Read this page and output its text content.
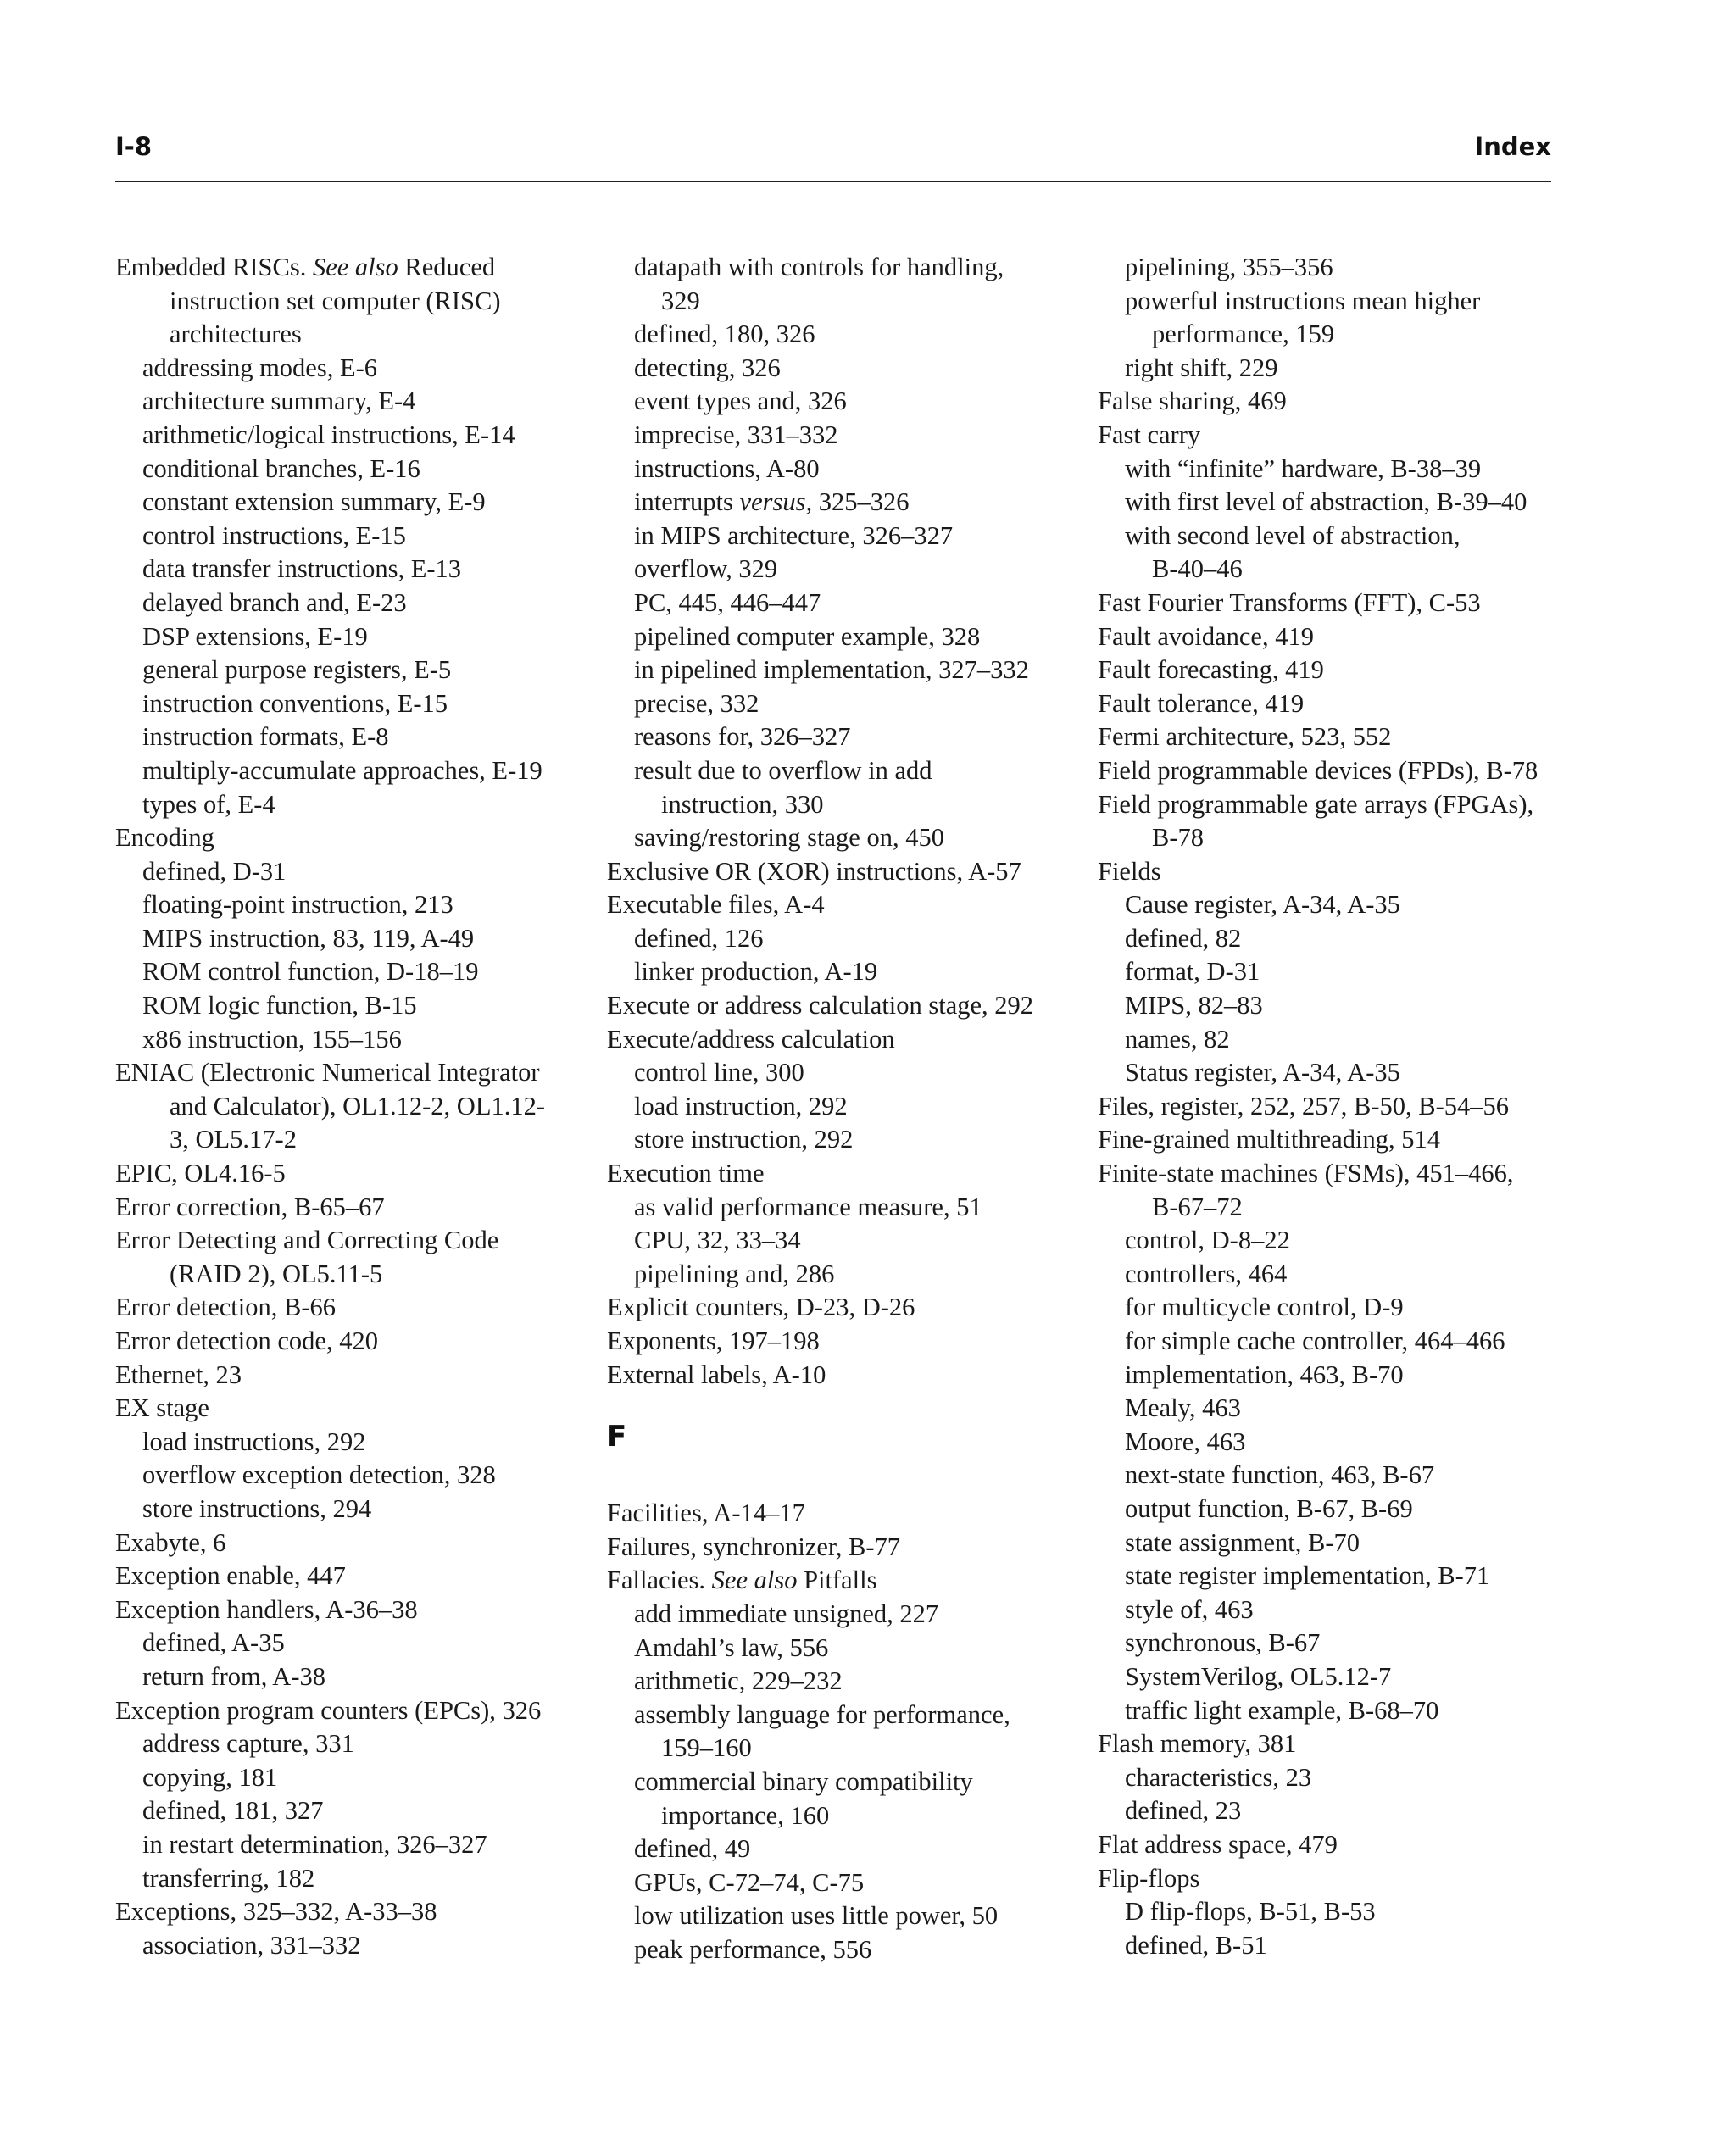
I-8	Index
Embedded RISCs. See also Reduced
instruction set computer (RISC)
architectures
addressing modes, E-6
architecture summary, E-4
arithmetic/logical instructions, E-14
conditional branches, E-16
constant extension summary, E-9
control instructions, E-15
data transfer instructions, E-13
delayed branch and, E-23
DSP extensions, E-19
general purpose registers, E-5
instruction conventions, E-15
instruction formats, E-8
multiply-accumulate approaches, E-19
types of, E-4
Encoding
defined, D-31
floating-point instruction, 213
MIPS instruction, 83, 119, A-49
ROM control function, D-18–19
ROM logic function, B-15
x86 instruction, 155–156
ENIAC (Electronic Numerical Integrator
and Calculator), OL1.12-2, OL1.12-
3, OL5.17-2
EPIC, OL4.16-5
Error correction, B-65–67
Error Detecting and Correcting Code
(RAID 2), OL5.11-5
Error detection, B-66
Error detection code, 420
Ethernet, 23
EX stage
load instructions, 292
overflow exception detection, 328
store instructions, 294
Exabyte, 6
Exception enable, 447
Exception handlers, A-36–38
defined, A-35
return from, A-38
Exception program counters (EPCs), 326
address capture, 331
copying, 181
defined, 181, 327
in restart determination, 326–327
transferring, 182
Exceptions, 325–332, A-33–38
association, 331–332
datapath with controls for handling,
329
defined, 180, 326
detecting, 326
event types and, 326
imprecise, 331–332
instructions, A-80
interrupts versus, 325–326
in MIPS architecture, 326–327
overflow, 329
PC, 445, 446–447
pipelined computer example, 328
in pipelined implementation, 327–332
precise, 332
reasons for, 326–327
result due to overflow in add
instruction, 330
saving/restoring stage on, 450
Exclusive OR (XOR) instructions, A-57
Executable files, A-4
defined, 126
linker production, A-19
Execute or address calculation stage, 292
Execute/address calculation
control line, 300
load instruction, 292
store instruction, 292
Execution time
as valid performance measure, 51
CPU, 32, 33–34
pipelining and, 286
Explicit counters, D-23, D-26
Exponents, 197–198
External labels, A-10
F
Facilities, A-14–17
Failures, synchronizer, B-77
Fallacies. See also Pitfalls
add immediate unsigned, 227
Amdahl’s law, 556
arithmetic, 229–232
assembly language for performance,
159–160
commercial binary compatibility
importance, 160
defined, 49
GPUs, C-72–74, C-75
low utilization uses little power, 50
peak performance, 556
pipelining, 355–356
powerful instructions mean higher
performance, 159
right shift, 229
False sharing, 469
Fast carry
with “infinite” hardware, B-38–39
with first level of abstraction, B-39–40
with second level of abstraction,
B-40–46
Fast Fourier Transforms (FFT), C-53
Fault avoidance, 419
Fault forecasting, 419
Fault tolerance, 419
Fermi architecture, 523, 552
Field programmable devices (FPDs), B-78
Field programmable gate arrays (FPGAs),
B-78
Fields
Cause register, A-34, A-35
defined, 82
format, D-31
MIPS, 82–83
names, 82
Status register, A-34, A-35
Files, register, 252, 257, B-50, B-54–56
Fine-grained multithreading, 514
Finite-state machines (FSMs), 451–466,
B-67–72
control, D-8–22
controllers, 464
for multicycle control, D-9
for simple cache controller, 464–466
implementation, 463, B-70
Mealy, 463
Moore, 463
next-state function, 463, B-67
output function, B-67, B-69
state assignment, B-70
state register implementation, B-71
style of, 463
synchronous, B-67
SystemVerilog, OL5.12-7
traffic light example, B-68–70
Flash memory, 381
characteristics, 23
defined, 23
Flat address space, 479
Flip-flops
D flip-flops, B-51, B-53
defined, B-51
